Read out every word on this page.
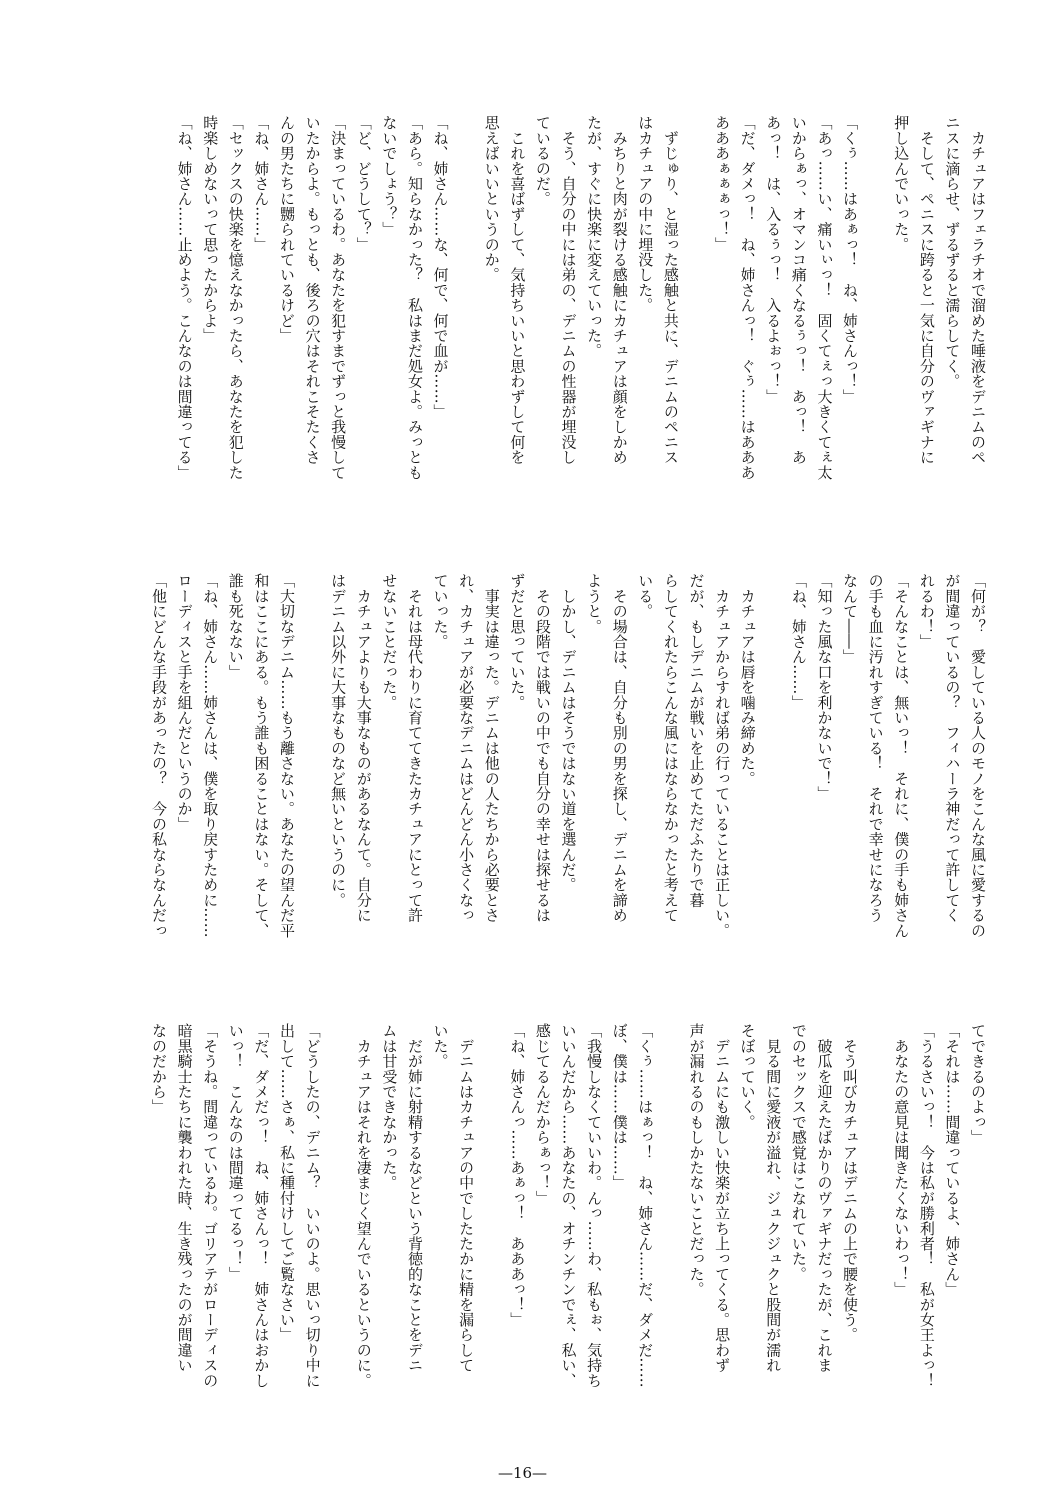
　カチュアはフェラチオで溜めた唾液をデニムのペ

ニスに滴らせ、ずるずると濡らしてく。

　そして、ペニスに跨ると一気に自分のヴァギナに

押し込んでいった。

「くぅ……はあぁっ！　ね、姉さんっ！」

「あっ……い、痛いぃっ！　固くてぇっ大きくてぇ太

いからぁっ、オマンコ痛くなるぅっ！　あっ！　あ

あっ！　は、入るぅっ！　入るよぉっ！」

「だ、ダメっ！　ね、姉さんっ！　ぐぅ……はあああ

あああぁぁぁっ！」

　ずじゅり、と湿った感触と共に、デニムのペニス

はカチュアの中に埋没した。

　みちりと肉が裂ける感触にカチュアは顔をしかめ

たが、すぐに快楽に変えていった。

　そう、自分の中には弟の、デニムの性器が埋没し

ているのだ。

　これを喜ばずして、気持ちいいと思わずして何を

思えばいいというのか。

「ね、姉さん……な、何で、何で血が……」

「あら。知らなかった？　私はまだ処女よ。みっとも

ないでしょう？」

「ど、どうして？」

「決まっているわ。あなたを犯すまでずっと我慢して

いたからよ。もっとも、後ろの穴はそれこそたくさ

んの男たちに嬲られているけど」

「ね、姉さん……」

「セックスの快楽を憶えなかったら、あなたを犯した

時楽しめないって思ったからよ」

「ね、姉さん……止めよう。こんなのは間違ってる」

「何が？　愛している人のモノをこんな風に愛するの

が間違っているの？　フィハーラ神だって許してく

れるわ！」

「そんなことは、無いっ！　それに、僕の手も姉さん

の手も血に汚れすぎている！　それで幸せになろう

なんて――」

「知った風な口を利かないで！」

「ね、姉さん……」

　カチュアは唇を噛み締めた。

　カチュアからすれば弟の行っていることは正しい。

だが、もしデニムが戦いを止めてただふたりで暮

らしてくれたらこんな風にはならなかったと考えて

いる。

　その場合は、自分も別の男を探し、デニムを諦め

ようと。

　しかし、デニムはそうではない道を選んだ。

　その段階では戦いの中でも自分の幸せは探せるは

ずだと思っていた。

　事実は違った。デニムは他の人たちから必要とさ

れ、カチュアが必要なデニムはどんどん小さくなっ

ていった。

　それは母代わりに育ててきたカチュアにとって許

せないことだった。

　カチュアよりも大事なものがあるなんて。自分に

はデニム以外に大事なものなど無いというのに。

「大切なデニム……もう離さない。あなたの望んだ平

和はここにある。もう誰も困ることはない。そして、

誰も死なない」

「ね、姉さん……姉さんは、僕を取り戻すために……

ローディスと手を組んだというのか」

「他にどんな手段があったの？　今の私ならなんだっ

てできるのよっ」

「それは……間違っているよ、姉さん」

「うるさいっ！　今は私が勝利者！　私が女王よっ！

　あなたの意見は聞きたくないわっ！」

　そう叫びカチュアはデニムの上で腰を使う。

　破瓜を迎えたばかりのヴァギナだったが、これま

でのセックスで感覚はこなれていた。

　見る間に愛液が溢れ、ジュクジュクと股間が濡れ

そぼっていく。

　デニムにも激しい快楽が立ち上ってくる。思わず

声が漏れるのもしかたないことだった。

「くぅ……はぁっ！　ね、姉さん……だ、ダメだ……

ぼ、僕は……僕は……」

「我慢しなくていいわ。んっ……わ、私もぉ、気持ち

いいんだから……あなたの、オチンチンでぇ、私い、

感じてるんだからぁっ！」

「ね、姉さんっ……あぁっ！　あああっ！」

　デニムはカチュアの中でしたたかに精を漏らして

いた。

　だが姉に射精するなどという背徳的なことをデニ

ムは甘受できなかった。

　カチュアはそれを凄まじく望んでいるというのに。

「どうしたの、デニム？　いいのよ。思いっ切り中に

出して……さぁ、私に種付けしてご覧なさい」

「だ、ダメだっ！　ね、姉さんっ！　姉さんはおかし

いっ！　こんなのは間違ってるっ！」

「そうね。間違っているわ。ゴリアテがローディスの

暗黒騎士たちに襲われた時、生き残ったのが間違い

なのだから」

—16—
